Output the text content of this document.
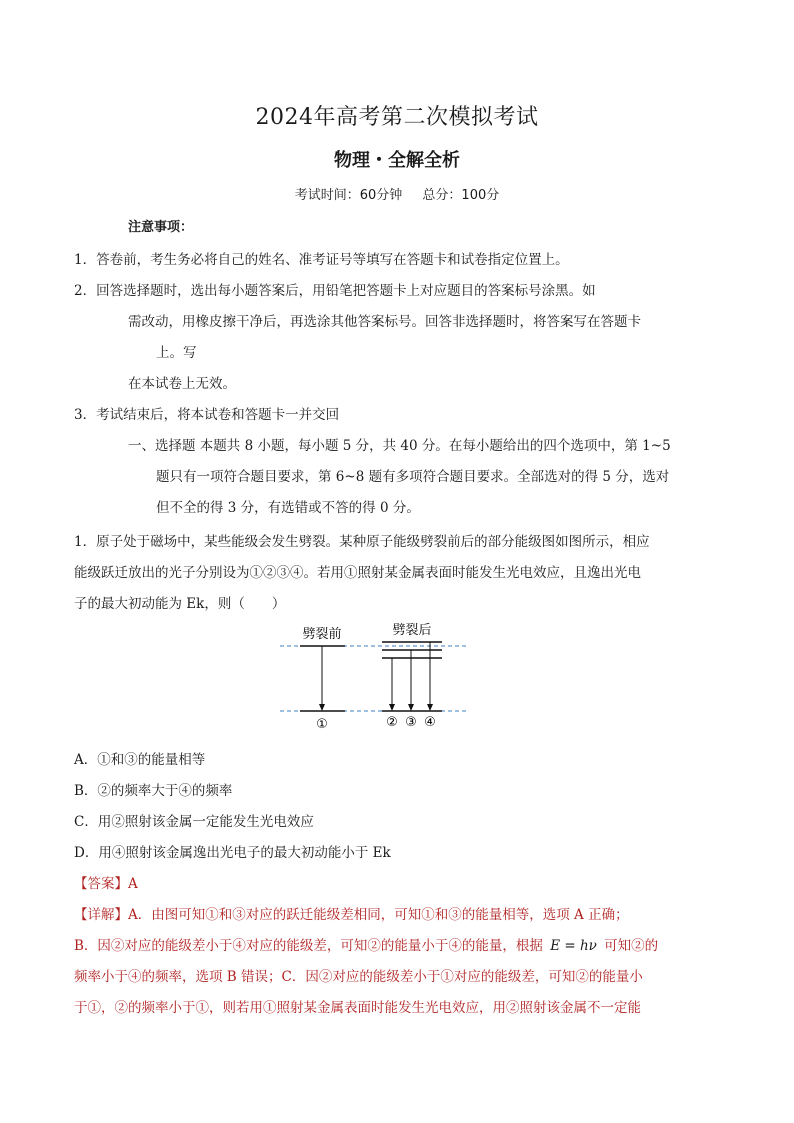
2024年高考第二次模拟考试
物理・全解全析
考试时间：60分钟 总分：100分
注意事项：
1．答卷前，考生务必将自己的姓名、准考证号等填写在答题卡和试卷指定位置上。
2．回答选择题时，选出每小题答案后，用铅笔把答题卡上对应题目的答案标号涂黑。如
需改动，用橡皮擦干净后，再选涂其他答案标号。回答非选择题时，将答案写在答题卡
上。写
在本试卷上无效。
3．考试结束后，将本试卷和答题卡一并交回
一、选择题 本题共 8 小题，每小题 5 分，共 40 分。在每小题给出的四个选项中，第 1~5
题只有一项符合题目要求，第 6~8 题有多项符合题目要求。全部选对的得 5 分，选对
但不全的得 3 分，有选错或不答的得 0 分。
1．原子处于磁场中，某些能级会发生劈裂。某种原子能级劈裂前后的部分能级图如图所示，相应
能级跃迁放出的光子分别设为①②③④。若用①照射某金属表面时能发生光电效应，且逸出光电
子的最大初动能为 Ek，则（　　）
劈裂前	劈裂后
①	② ③ ④
A．①和③的能量相等
B．②的频率大于④的频率
C．用②照射该金属一定能发生光电效应
D．用④照射该金属逸出光电子的最大初动能小于 Ek
【答案】A
【详解】A．由图可知①和③对应的跃迁能级差相同，可知①和③的能量相等，选项 A 正确；
B．因②对应的能级差小于④对应的能级差，可知②的能量小于④的能量，根据 E = hν 可知②的
频率小于④的频率，选项 B 错误；C．因②对应的能级差小于①对应的能级差，可知②的能量小
于①，②的频率小于①，则若用①照射某金属表面时能发生光电效应，用②照射该金属不一定能
